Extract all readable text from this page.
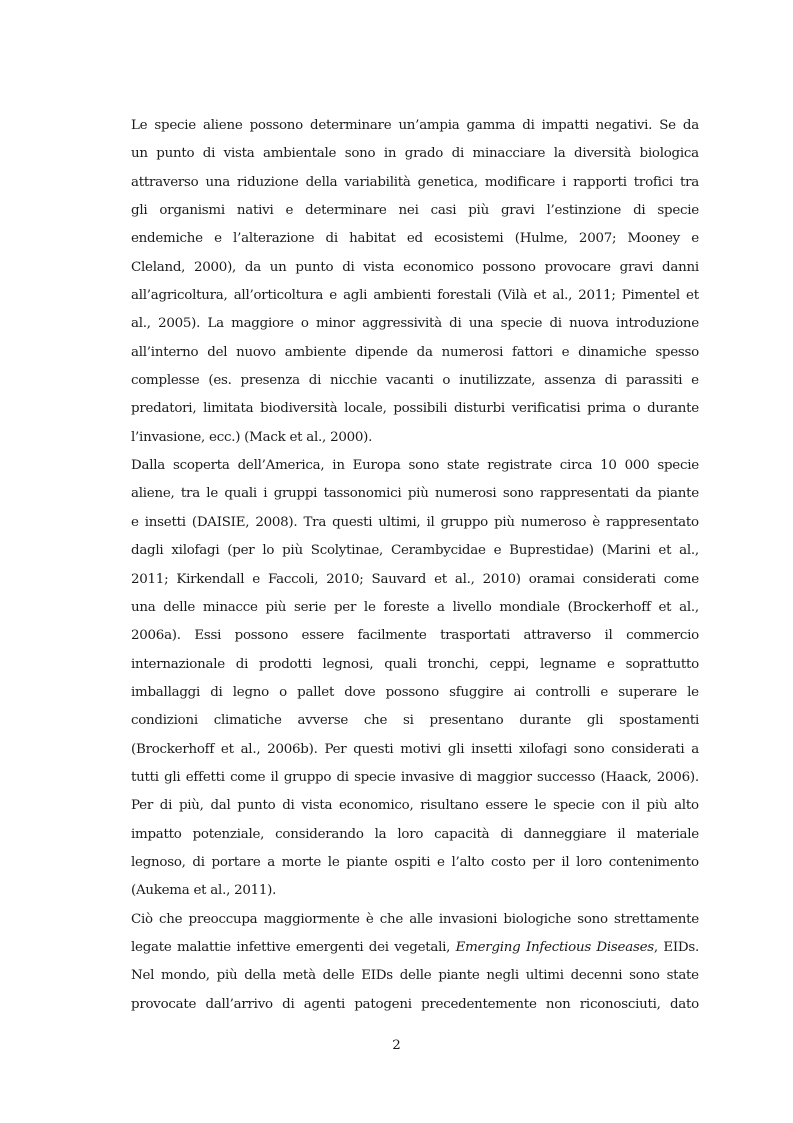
Le specie aliene possono determinare un’ampia gamma di impatti negativi. Se da
un punto di vista ambientale sono in grado di minacciare la diversità biologica
attraverso una riduzione della variabilità genetica, modificare i rapporti trofici tra
gli organismi nativi e determinare nei casi più gravi l’estinzione di specie
endemiche e l’alterazione di habitat ed ecosistemi (Hulme, 2007; Mooney e
Cleland, 2000), da un punto di vista economico possono provocare gravi danni
all’agricoltura, all’orticoltura e agli ambienti forestali (Vilà et al., 2011; Pimentel et
al., 2005). La maggiore o minor aggressività di una specie di nuova introduzione
all’interno del nuovo ambiente dipende da numerosi fattori e dinamiche spesso
complesse (es. presenza di nicchie vacanti o inutilizzate, assenza di parassiti e
predatori, limitata biodiversità locale, possibili disturbi verificatisi prima o durante
l’invasione, ecc.) (Mack et al., 2000).
Dalla scoperta dell’America, in Europa sono state registrate circa 10 000 specie
aliene, tra le quali i gruppi tassonomici più numerosi sono rappresentati da piante
e insetti (DAISIE, 2008). Tra questi ultimi, il gruppo più numeroso è rappresentato
dagli xilofagi (per lo più Scolytinae, Cerambycidae e Buprestidae) (Marini et al.,
2011; Kirkendall e Faccoli, 2010; Sauvard et al., 2010) oramai considerati come
una delle minacce più serie per le foreste a livello mondiale (Brockerhoff et al.,
2006a). Essi possono essere facilmente trasportati attraverso il commercio
internazionale di prodotti legnosi, quali tronchi, ceppi, legname e soprattutto
imballaggi di legno o pallet dove possono sfuggire ai controlli e superare le
condizioni climatiche avverse che si presentano durante gli spostamenti
(Brockerhoff et al., 2006b). Per questi motivi gli insetti xilofagi sono considerati a
tutti gli effetti come il gruppo di specie invasive di maggior successo (Haack, 2006).
Per di più, dal punto di vista economico, risultano essere le specie con il più alto
impatto potenziale, considerando la loro capacità di danneggiare il materiale
legnoso, di portare a morte le piante ospiti e l’alto costo per il loro contenimento
(Aukema et al., 2011).
Ciò che preoccupa maggiormente è che alle invasioni biologiche sono strettamente
legate malattie infettive emergenti dei vegetali, Emerging Infectious Diseases, EIDs.
Nel mondo, più della metà delle EIDs delle piante negli ultimi decenni sono state
provocate dall’arrivo di agenti patogeni precedentemente non riconosciuti, dato
2
